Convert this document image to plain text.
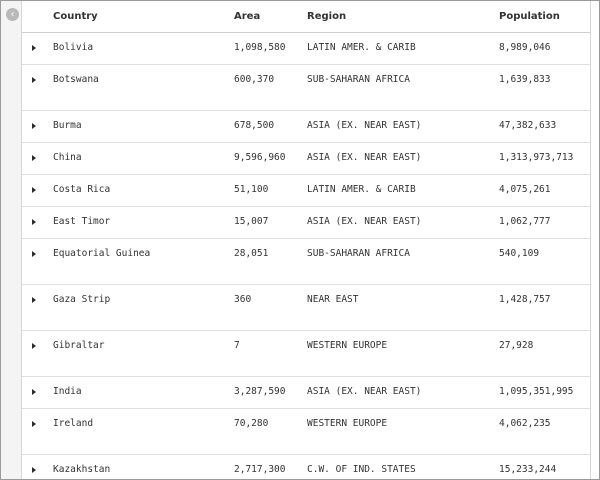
‹
		Country	Area	Region	Population

	Bolivia	1,098,580	LATIN AMER. & CARIB	8,989,046

	Botswana	600,370	SUB-SAHARAN AFRICA	1,639,833

	Burma	678,500	ASIA (EX. NEAR EAST)	47,382,633

	China	9,596,960	ASIA (EX. NEAR EAST)	1,313,973,713

	Costa Rica	51,100	LATIN AMER. & CARIB	4,075,261

	East Timor	15,007	ASIA (EX. NEAR EAST)	1,062,777

	Equatorial Guinea	28,051	SUB-SAHARAN AFRICA	540,109

	Gaza Strip	360	NEAR EAST	1,428,757

	Gibraltar	7	WESTERN EUROPE	27,928

	India	3,287,590	ASIA (EX. NEAR EAST)	1,095,351,995

	Ireland	70,280	WESTERN EUROPE	4,062,235

	Kazakhstan	2,717,300	C.W. OF IND. STATES	15,233,244
